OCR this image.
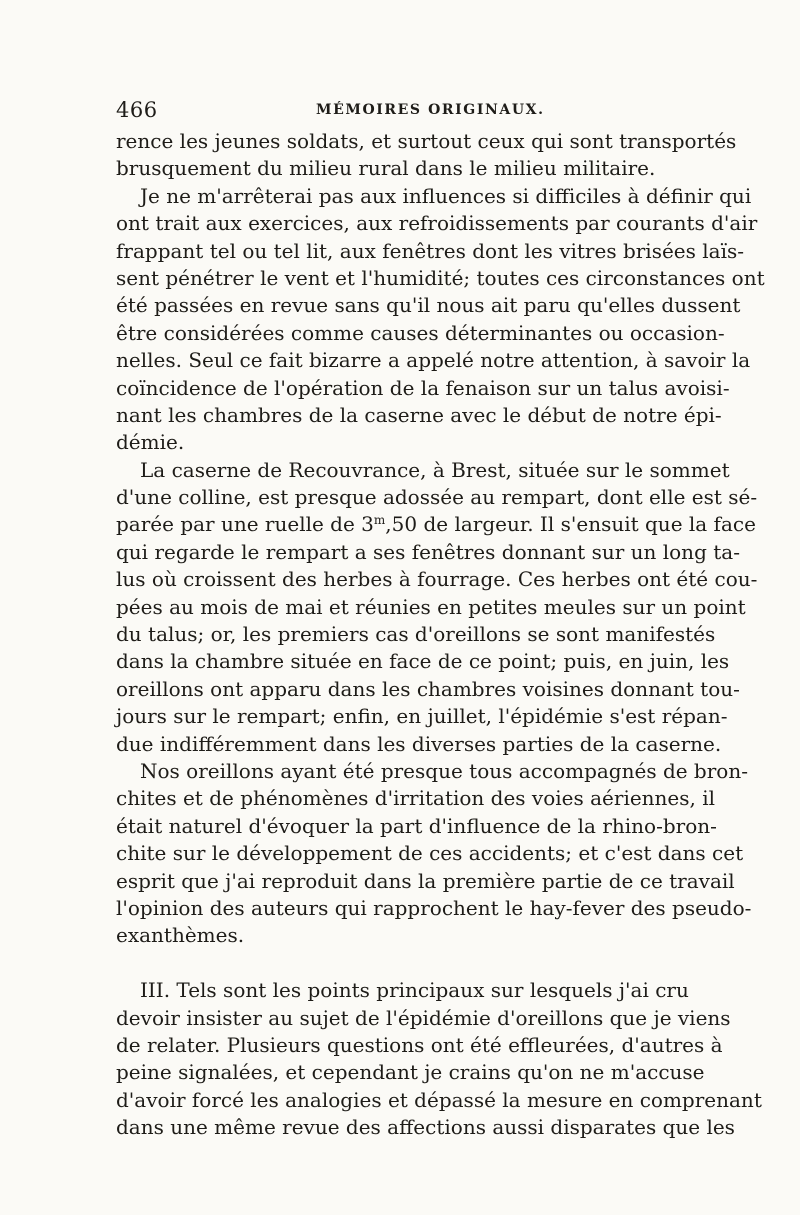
466	MÉMOIRES ORIGINAUX.
rence les jeunes soldats, et surtout ceux qui sont transportés
brusquement du milieu rural dans le milieu militaire.
Je ne m'arrêterai pas aux influences si difficiles à définir qui
ont trait aux exercices, aux refroidissements par courants d'air
frappant tel ou tel lit, aux fenêtres dont les vitres brisées laïs-
sent pénétrer le vent et l'humidité; toutes ces circonstances ont
été passées en revue sans qu'il nous ait paru qu'elles dussent
être considérées comme causes déterminantes ou occasion-
nelles. Seul ce fait bizarre a appelé notre attention, à savoir la
coïncidence de l'opération de la fenaison sur un talus avoisi-
nant les chambres de la caserne avec le début de notre épi-
démie.
La caserne de Recouvrance, à Brest, située sur le sommet
d'une colline, est presque adossée au rempart, dont elle est sé-
parée par une ruelle de 3$^m$,50 de largeur. Il s'ensuit que la face
qui regarde le rempart a ses fenêtres donnant sur un long ta-
lus où croissent des herbes à fourrage. Ces herbes ont été cou-
pées au mois de mai et réunies en petites meules sur un point
du talus; or, les premiers cas d'oreillons se sont manifestés
dans la chambre située en face de ce point; puis, en juin, les
oreillons ont apparu dans les chambres voisines donnant tou-
jours sur le rempart; enfin, en juillet, l'épidémie s'est répan-
due indifféremment dans les diverses parties de la caserne.
Nos oreillons ayant été presque tous accompagnés de bron-
chites et de phénomènes d'irritation des voies aériennes, il
était naturel d'évoquer la part d'influence de la rhino-bron-
chite sur le développement de ces accidents; et c'est dans cet
esprit que j'ai reproduit dans la première partie de ce travail
l'opinion des auteurs qui rapprochent le hay-fever des pseudo-
exanthèmes.
III. Tels sont les points principaux sur lesquels j'ai cru
devoir insister au sujet de l'épidémie d'oreillons que je viens
de relater. Plusieurs questions ont été effleurées, d'autres à
peine signalées, et cependant je crains qu'on ne m'accuse
d'avoir forcé les analogies et dépassé la mesure en comprenant
dans une même revue des affections aussi disparates que les
